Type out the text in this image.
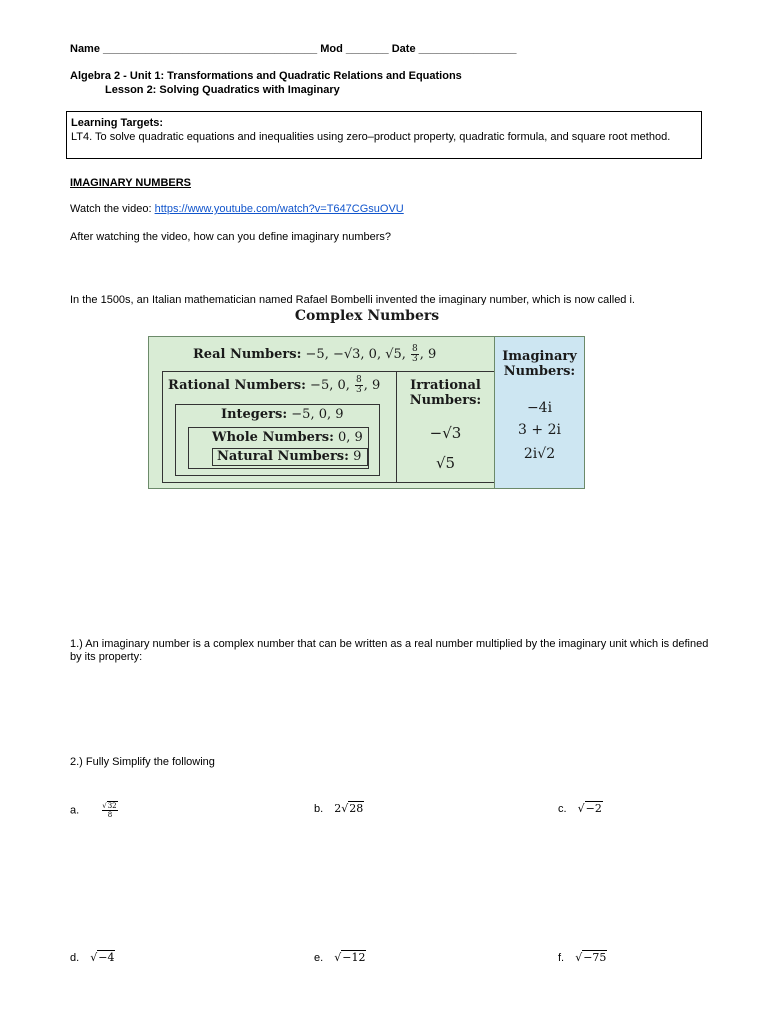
Name ___________________________________ Mod _______ Date ________________
Algebra 2 - Unit 1: Transformations and Quadratic Relations and Equations
Lesson 2: Solving Quadratics with Imaginary
Learning Targets:
LT4. To solve quadratic equations and inequalities using zero–product property, quadratic formula, and square root method.
IMAGINARY NUMBERS
Watch the video: https://www.youtube.com/watch?v=T647CGsuOVU
After watching the video, how can you define imaginary numbers?
In the 1500s, an Italian mathematician named Rafael Bombelli invented the imaginary number, which is now called i.
Complex Numbers
Real Numbers: −5, −√3, 0, √5, $\frac{8}{3}$ , 9
Rational Numbers: −5, 0, $\frac{8}{3}$ , 9
Integers: −5, 0, 9
Whole Numbers: 0, 9
Natural Numbers: 9
Irrational
Numbers:
−√3
√5
Imaginary
Numbers:
−4i
3 + 2i
2i√2
1.) An imaginary number is a complex number that can be written as a real number multiplied by the imaginary unit which is defined by its property:
2.) Fully Simplify the following
a.	$\frac{√32}{8}$	b. 2√28	c. √−2
d. √−4	e. √−12	f. √−75
